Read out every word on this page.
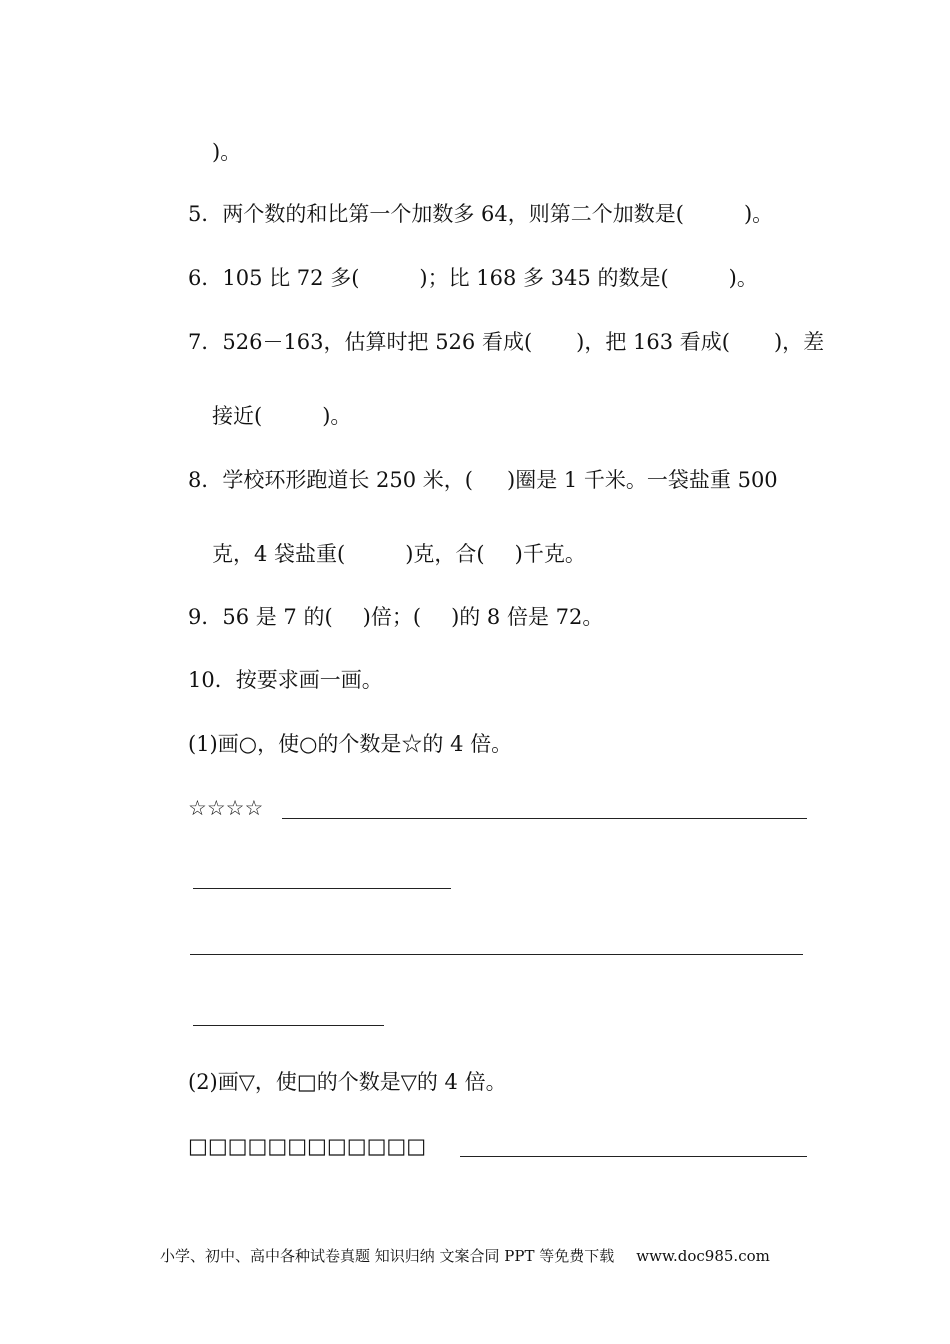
)。
5．两个数的和比第一个加数多 64，则第二个加数是(	)。
6．105 比 72 多(	)；比 168 多 345 的数是(	)。
7．526－163，估算时把 526 看成( )，把 163 看成( )，差
接近(	)。
8．学校环形跑道长 250 米，( )圈是 1 千米。一袋盐重 500
克，4 袋盐重(	)克，合( )千克。
9．56 是 7 的( )倍；( )的 8 倍是 72。
10．按要求画一画。
(1)画○，使○的个数是☆的 4 倍。
☆☆☆☆
(2)画▽，使□的个数是▽的 4 倍。
□□□□□□□□□□□□
小学、初中、高中各种试卷真题 知识归纳 文案合同 PPT 等免费下载 www.doc985.com
